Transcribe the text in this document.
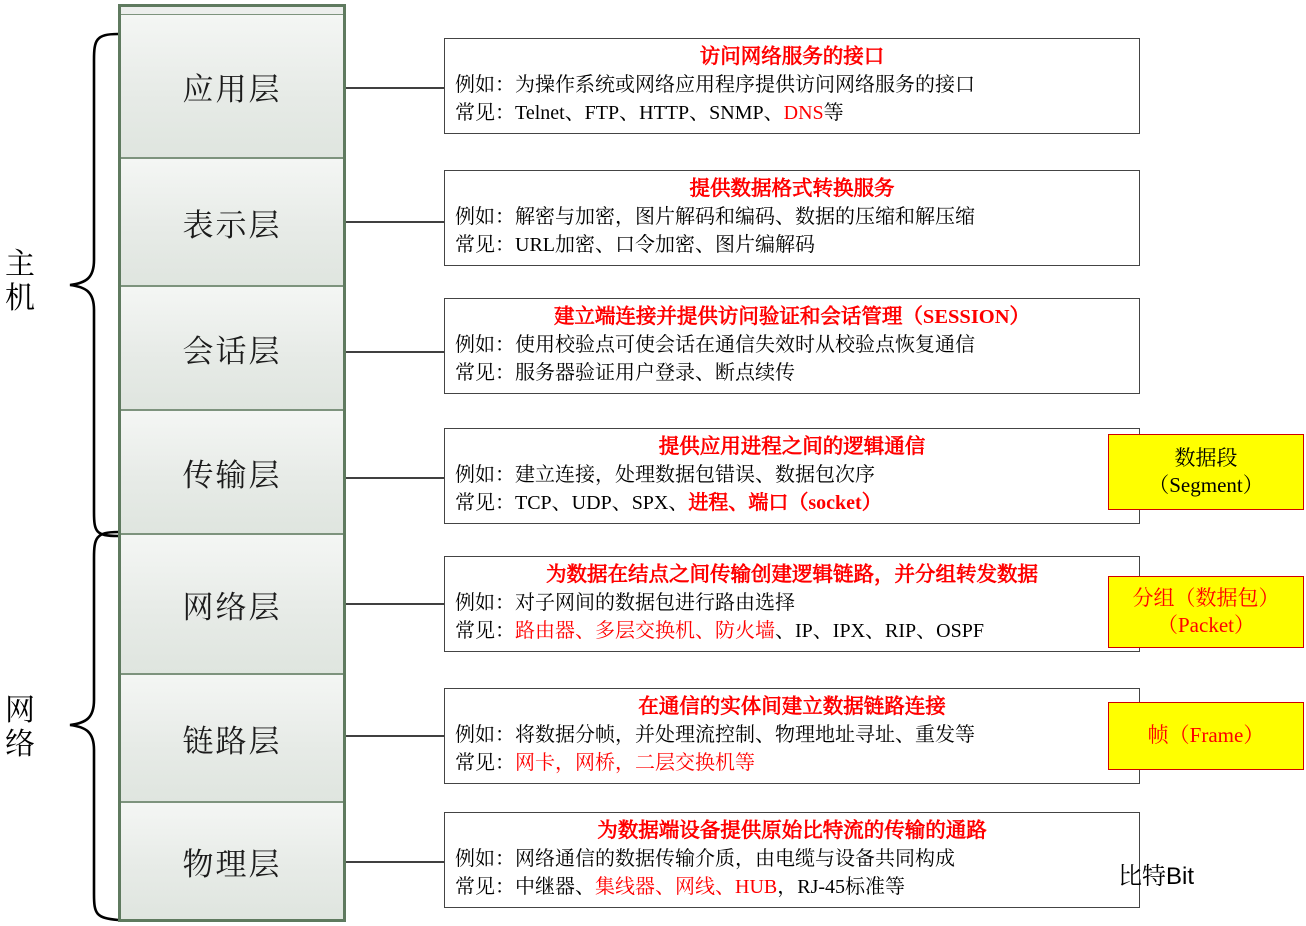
主机
网络
应用层
表示层
会话层
传输层
网络层
链路层
物理层
访问网络服务的接口
例如：为操作系统或网络应用程序提供访问网络服务的接口
常见：Telnet、FTP、HTTP、SNMP、DNS等
提供数据格式转换服务
例如：解密与加密，图片解码和编码、数据的压缩和解压缩
常见：URL加密、口令加密、图片编解码
建立端连接并提供访问验证和会话管理（SESSION）
例如：使用校验点可使会话在通信失效时从校验点恢复通信
常见：服务器验证用户登录、断点续传
提供应用进程之间的逻辑通信
例如：建立连接，处理数据包错误、数据包次序
常见：TCP、UDP、SPX、进程、端口（socket）
为数据在结点之间传输创建逻辑链路，并分组转发数据
例如：对子网间的数据包进行路由选择
常见：路由器、多层交换机、防火墙、IP、IPX、RIP、OSPF
在通信的实体间建立数据链路连接
例如：将数据分帧，并处理流控制、物理地址寻址、重发等
常见：网卡，网桥，二层交换机等
为数据端设备提供原始比特流的传输的通路
例如：网络通信的数据传输介质，由电缆与设备共同构成
常见：中继器、集线器、网线、HUB，RJ-45标准等
数据段
（Segment）
分组（数据包）
（Packet）
帧（Frame）
比特Bit
